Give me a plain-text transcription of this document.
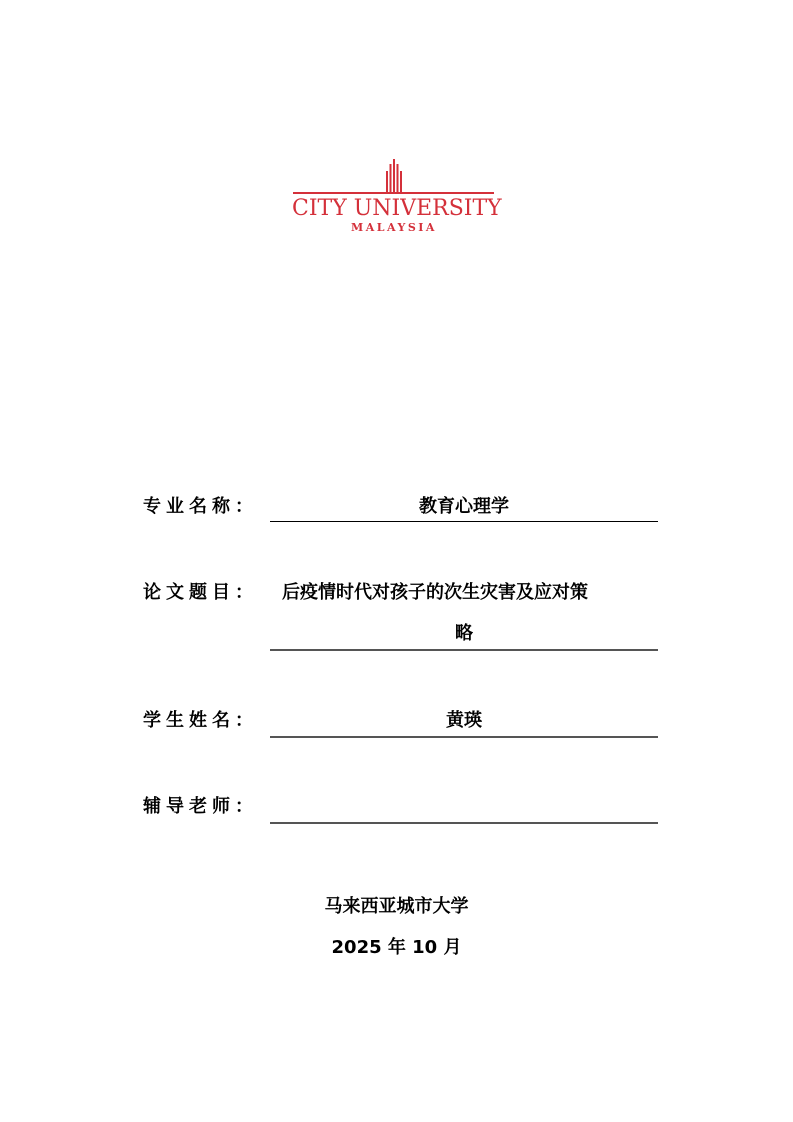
CITY UNIVERSITY
MALAYSIA
专业名称：	教育心理学
论文题目：	后疫情时代对孩子的次生灾害及应对策
略
学生姓名：	黄瑛
辅导老师：
马来西亚城市大学
2025 年 10 月
